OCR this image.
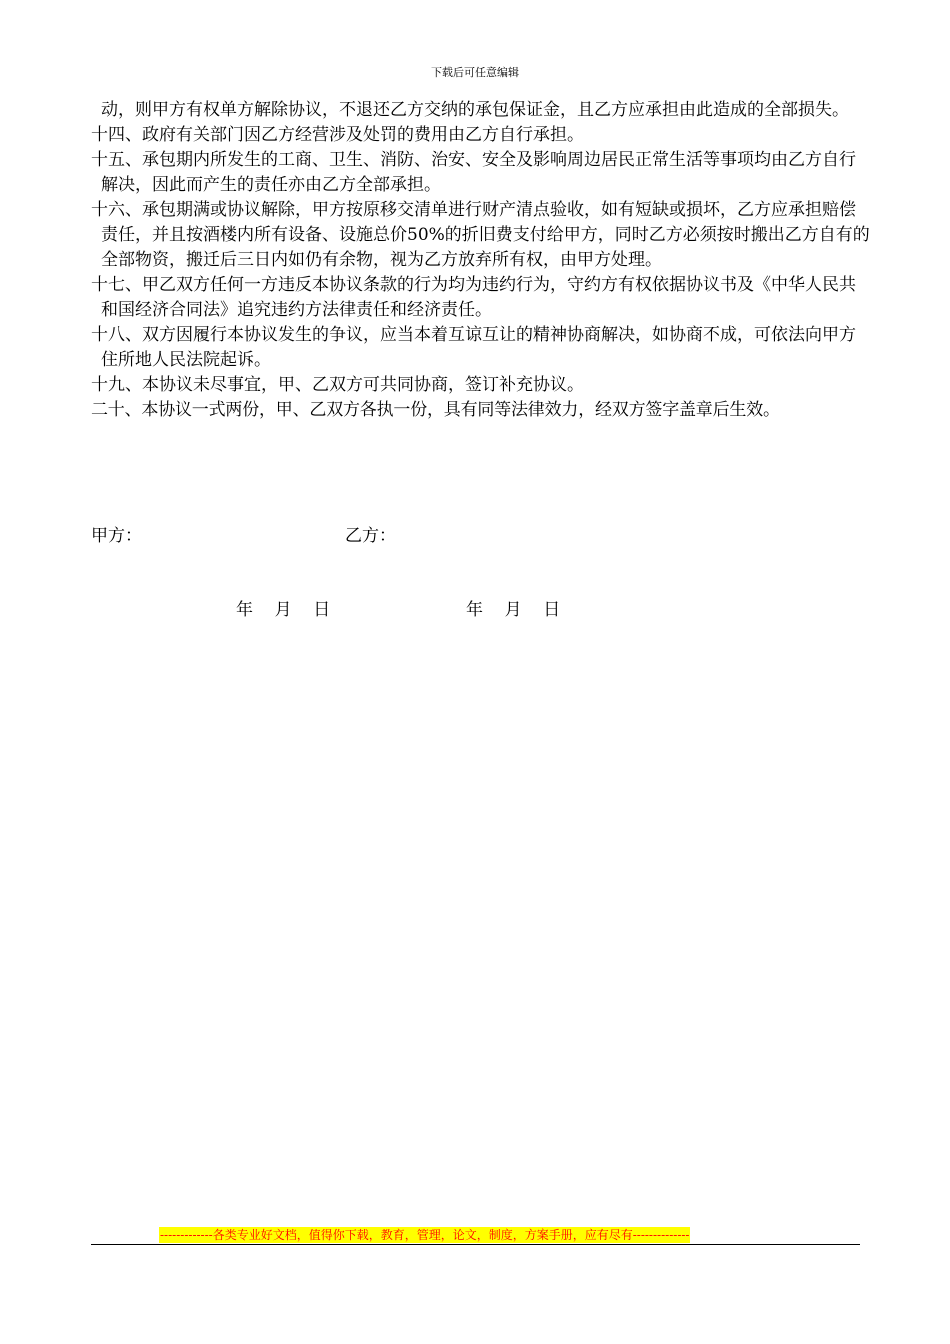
下载后可任意编辑

动，则甲方有权单方解除协议，不退还乙方交纳的承包保证金，且乙方应承担由此造成的全部损失。

十四、政府有关部门因乙方经营涉及处罚的费用由乙方自行承担。

十五、承包期内所发生的工商、卫生、消防、治安、安全及影响周边居民正常生活等事项均由乙方自行解决，因此而产生的责任亦由乙方全部承担。

十六、承包期满或协议解除，甲方按原移交清单进行财产清点验收，如有短缺或损坏，乙方应承担赔偿责任，并且按酒楼内所有设备、设施总价50%的折旧费支付给甲方，同时乙方必须按时搬出乙方自有的全部物资，搬迁后三日内如仍有余物，视为乙方放弃所有权，由甲方处理。

十七、甲乙双方任何一方违反本协议条款的行为均为违约行为，守约方有权依据协议书及《中华人民共和国经济合同法》追究违约方法律责任和经济责任。

十八、双方因履行本协议发生的争议，应当本着互谅互让的精神协商解决，如协商不成，可依法向甲方住所地人民法院起诉。

十九、本协议未尽事宜，甲、乙双方可共同协商，签订补充协议。

二十、本协议一式两份，甲、乙双方各执一份，具有同等法律效力，经双方签字盖章后生效。

甲方：	乙方：
年    月    日	年    月    日
-------------各类专业好文档，值得你下载，教育，管理，论文，制度，方案手册，应有尽有--------------
